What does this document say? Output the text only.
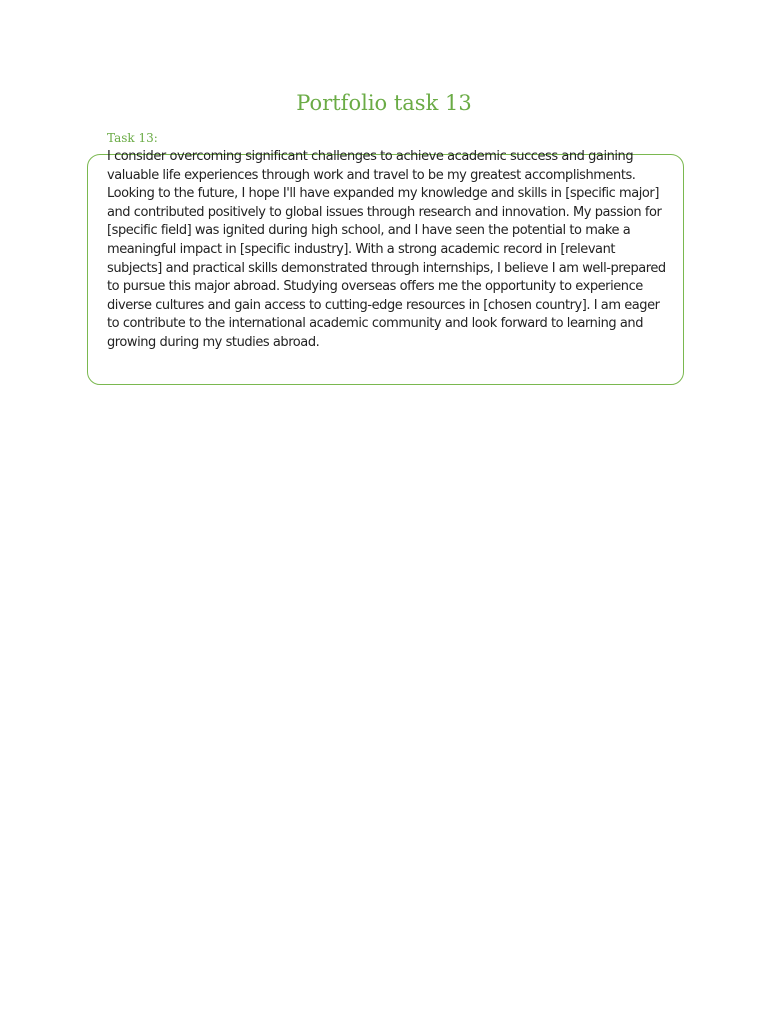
Portfolio task 13
Task 13:

I consider overcoming significant challenges to achieve academic success and gaining valuable life experiences through work and travel to be my greatest accomplishments. Looking to the future, I hope I'll have expanded my knowledge and skills in [specific major] and contributed positively to global issues through research and innovation. My passion for [specific field] was ignited during high school, and I have seen the potential to make a meaningful impact in [specific industry]. With a strong academic record in [relevant subjects] and practical skills demonstrated through internships, I believe I am well-prepared to pursue this major abroad. Studying overseas offers me the opportunity to experience diverse cultures and gain access to cutting-edge resources in [chosen country]. I am eager to contribute to the international academic community and look forward to learning and growing during my studies abroad.
